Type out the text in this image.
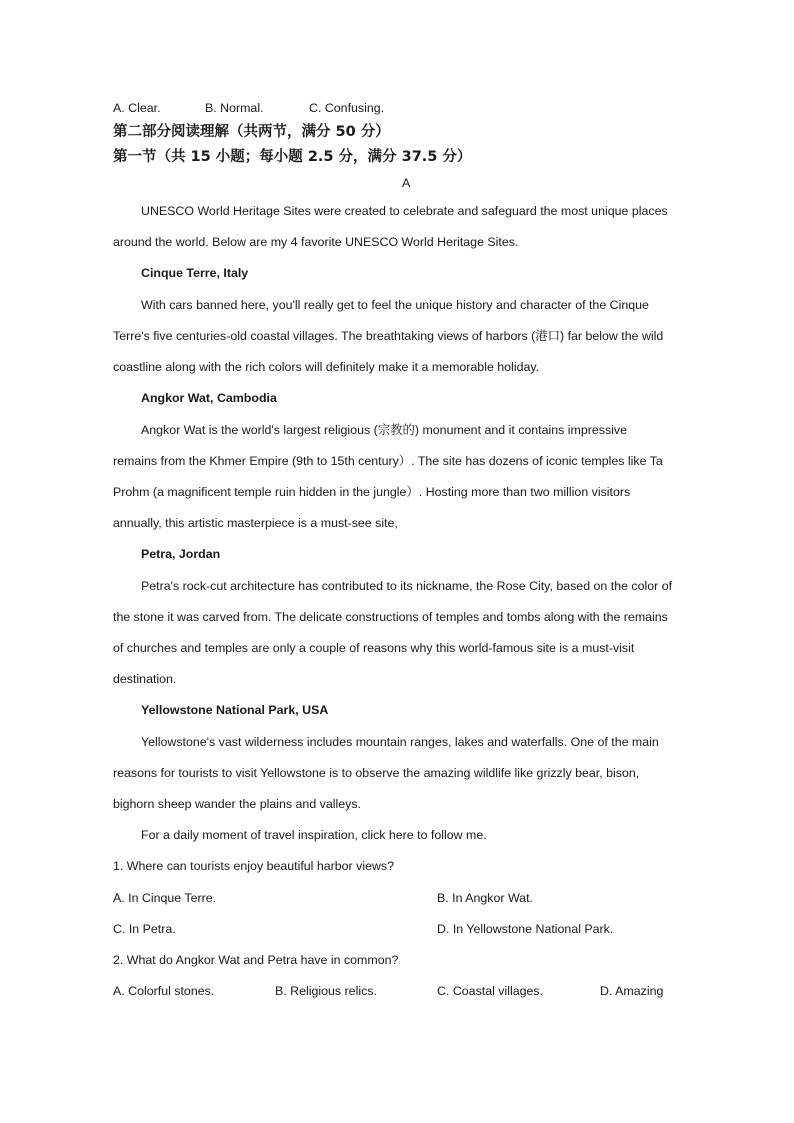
A. Clear.	B. Normal.	C. Confusing.
第二部分阅读理解（共两节，满分 50 分）
第一节（共 15 小题；每小题 2.5 分，满分 37.5 分）
A
UNESCO World Heritage Sites were created to celebrate and safeguard the most unique places
around the world. Below are my 4 favorite UNESCO World Heritage Sites.
Cinque Terre, Italy
With cars banned here, you'll really get to feel the unique history and character of the Cinque
Terre's five centuries-old coastal villages. The breathtaking views of harbors (港口) far below the wild
coastline along with the rich colors will definitely make it a memorable holiday.
Angkor Wat, Cambodia
Angkor Wat is the world's largest religious (宗教的) monument and it contains impressive
remains from the Khmer Empire (9th to 15th century）. The site has dozens of iconic temples like Ta
Prohm (a magnificent temple ruin hidden in the jungle）. Hosting more than two million visitors
annually, this artistic masterpiece is a must-see site,
Petra, Jordan
Petra's rock-cut architecture has contributed to its nickname, the Rose City, based on the color of
the stone it was carved from. The delicate constructions of temples and tombs along with the remains
of churches and temples are only a couple of reasons why this world-famous site is a must-visit
destination.
Yellowstone National Park, USA
Yellowstone's vast wilderness includes mountain ranges, lakes and waterfalls. One of the main
reasons for tourists to visit Yellowstone is to observe the amazing wildlife like grizzly bear, bison,
bighorn sheep wander the plains and valleys.
For a daily moment of travel inspiration, click here to follow me.
1. Where can tourists enjoy beautiful harbor views?
A. In Cinque Terre.	B. In Angkor Wat.
C. In Petra.	D. In Yellowstone National Park.
2. What do Angkor Wat and Petra have in common?
A. Colorful stones.	B. Religious relics.	C. Coastal villages.	D. Amazing
